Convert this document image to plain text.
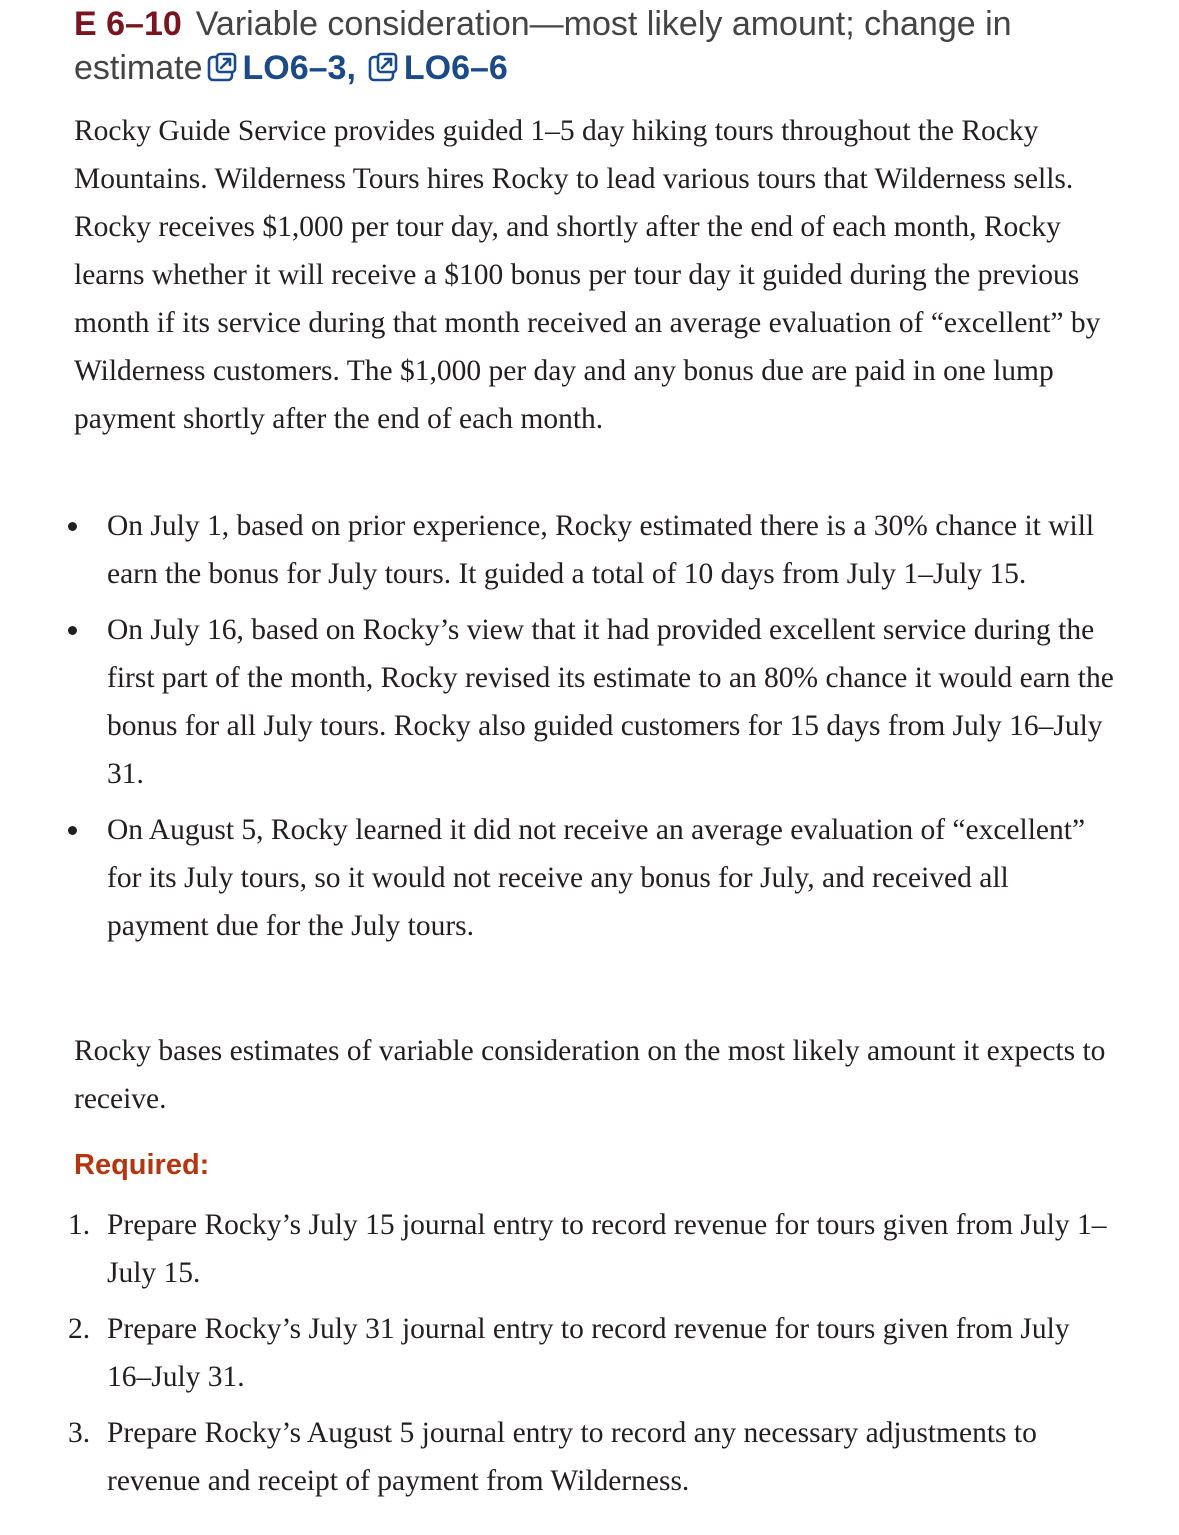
E 6–10 Variable consideration—most likely amount; change in
estimate LO6–3, LO6–6

Rocky Guide Service provides guided 1–5 day hiking tours throughout the Rocky Mountains. Wilderness Tours hires Rocky to lead various tours that Wilderness sells. Rocky receives $1,000 per tour day, and shortly after the end of each month, Rocky learns whether it will receive a $100 bonus per tour day it guided during the previous month if its service during that month received an average evaluation of “excellent” by Wilderness customers. The $1,000 per day and any bonus due are paid in one lump payment shortly after the end of each month.

On July 1, based on prior experience, Rocky estimated there is a 30% chance it will earn the bonus for July tours. It guided a total of 10 days from July 1–July 15.
On July 16, based on Rocky’s view that it had provided excellent service during the first part of the month, Rocky revised its estimate to an 80% chance it would earn the bonus for all July tours. Rocky also guided customers for 15 days from July 16–July 31.
On August 5, Rocky learned it did not receive an average evaluation of “excellent” for its July tours, so it would not receive any bonus for July, and received all payment due for the July tours.

Rocky bases estimates of variable consideration on the most likely amount it expects to receive.

Required:
1. Prepare Rocky’s July 15 journal entry to record revenue for tours given from July 1–July 15.
2. Prepare Rocky’s July 31 journal entry to record revenue for tours given from July 16–July 31.
3. Prepare Rocky’s August 5 journal entry to record any necessary adjustments to revenue and receipt of payment from Wilderness.
